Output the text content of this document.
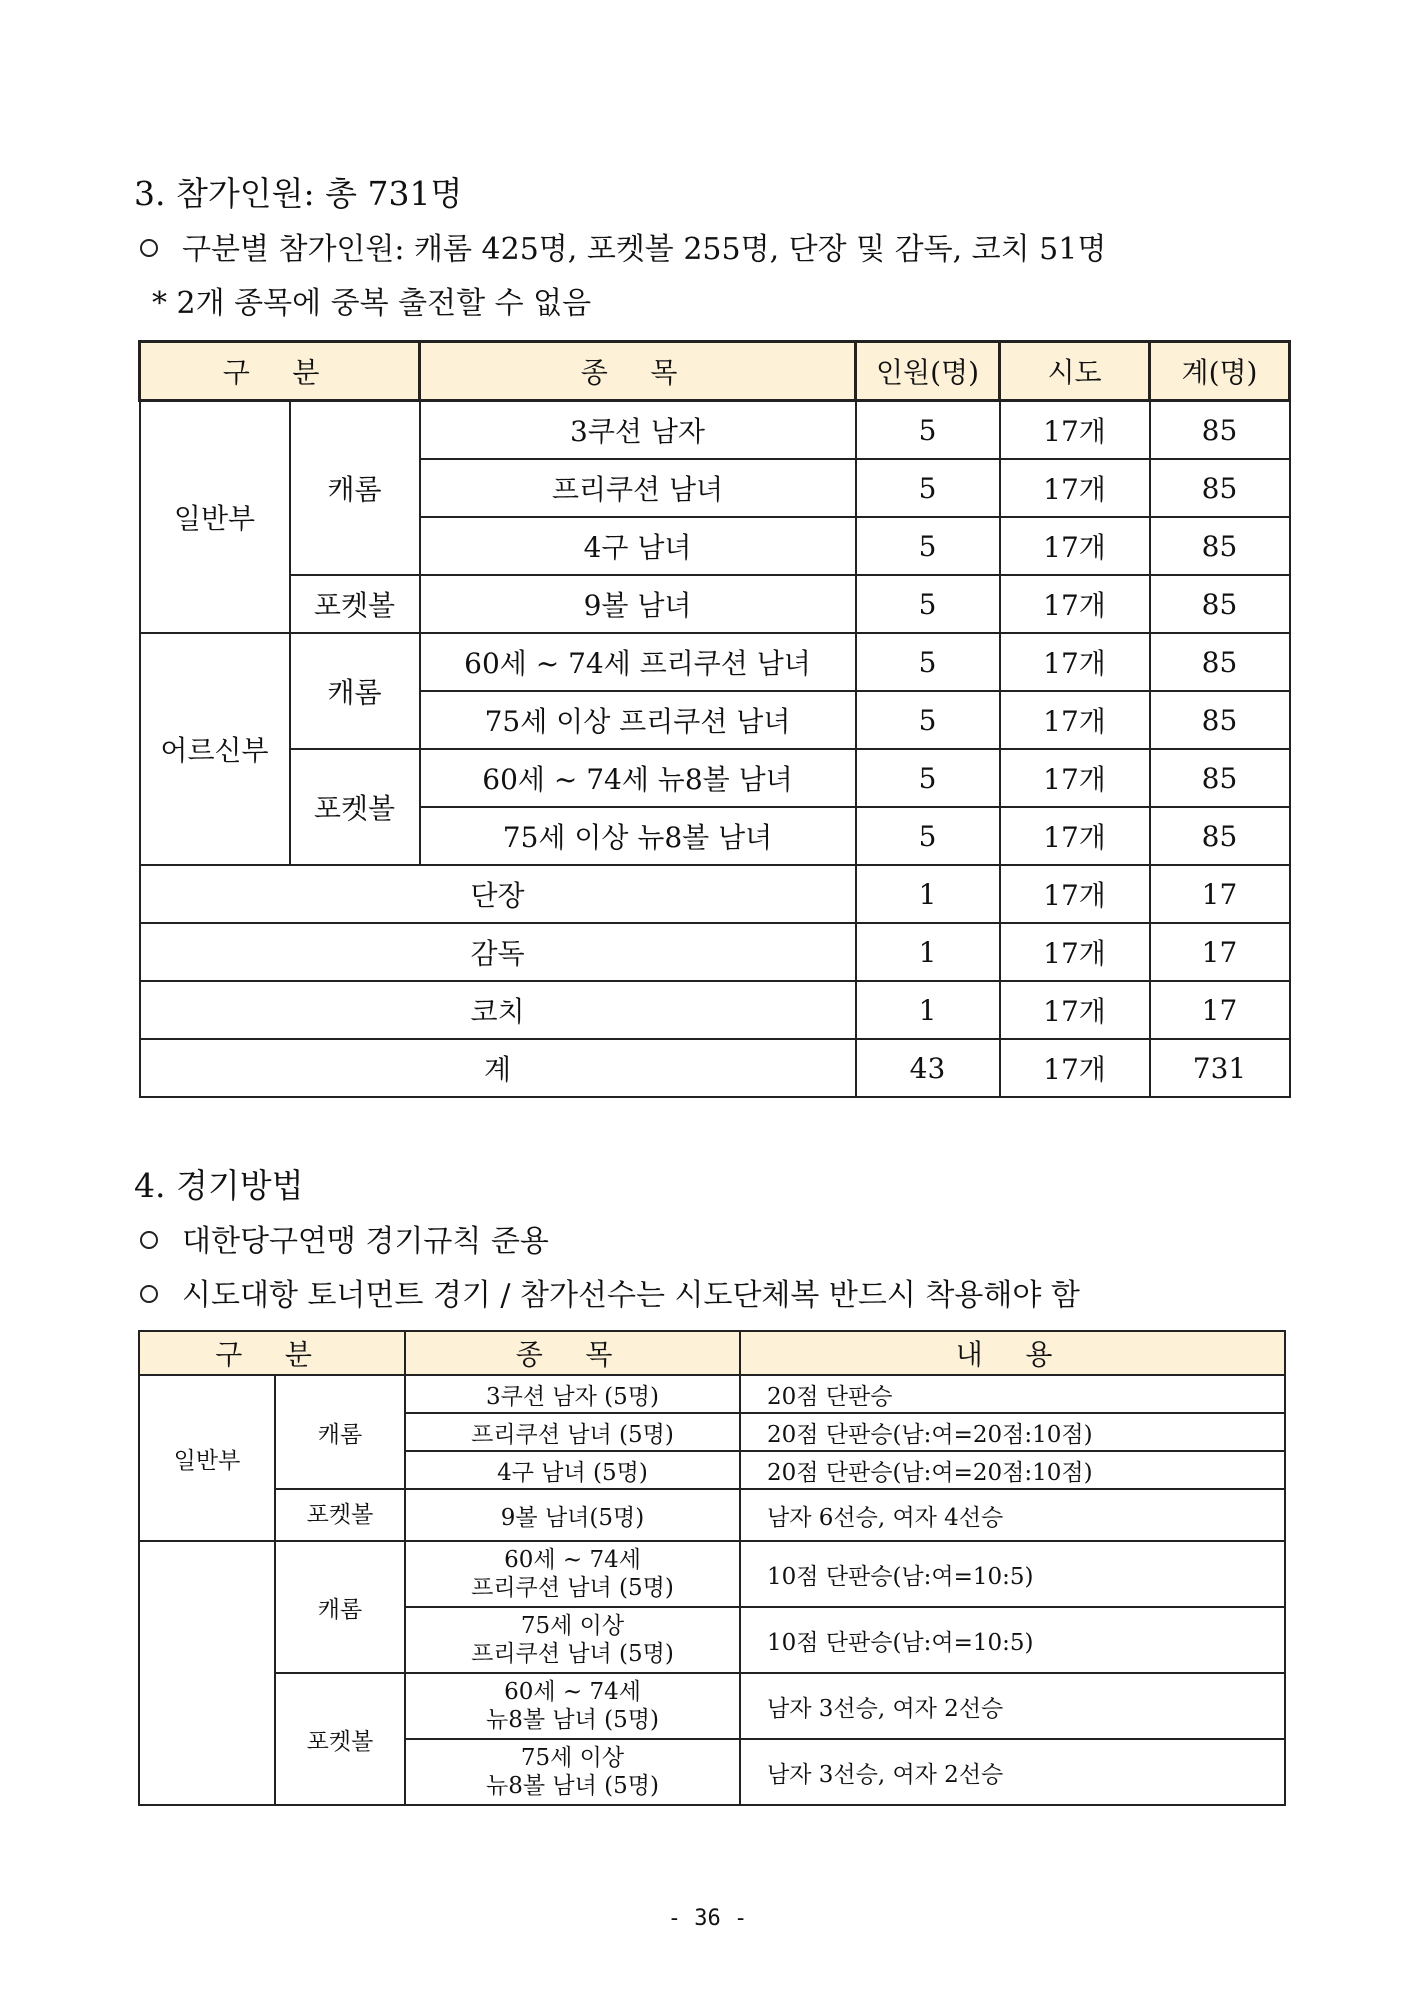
3. 참가인원: 총 731명

구분별 참가인원: 캐롬 425명, 포켓볼 255명, 단장 및 감독, 코치 51명

* 2개 종목에 중복 출전할 수 없음

구 분		종 목	인원(명)	시도	계(명)
일반부	캐롬	3쿠션 남자	5	17개	85
		프리쿠션 남녀	5	17개	85
		4구 남녀	5	17개	85
	포켓볼	9볼 남녀	5	17개	85
어르신부	캐롬	60세 ~ 74세 프리쿠션 남녀	5	17개	85
		75세 이상 프리쿠션 남녀	5	17개	85
	포켓볼	60세 ~ 74세 뉴8볼 남녀	5	17개	85
		75세 이상 뉴8볼 남녀	5	17개	85
단장			1	17개	17
감독			1	17개	17
코치			1	17개	17
계			43	17개	731
4. 경기방법

대한당구연맹 경기규칙 준용

시도대항 토너먼트 경기 / 참가선수는 시도단체복 반드시 착용해야 함

구 분		종 목	내 용
일반부	캐롬	3쿠션 남자 (5명)	20점 단판승
		프리쿠션 남녀 (5명)	20점 단판승(남:여=20점:10점)
		4구 남녀 (5명)	20점 단판승(남:여=20점:10점)
	포켓볼	9볼 남녀(5명)	남자 6선승, 여자 4선승
	캐롬	60세 ~ 74세
프리쿠션 남녀 (5명)	10점 단판승(남:여=10:5)

		75세 이상
프리쿠션 남녀 (5명)	10점 단판승(남:여=10:5)
	포켓볼	60세 ~ 74세
뉴8볼 남녀 (5명)	남자 3선승, 여자 2선승

		75세 이상
뉴8볼 남녀 (5명)	남자 3선승, 여자 2선승
- 36 -
